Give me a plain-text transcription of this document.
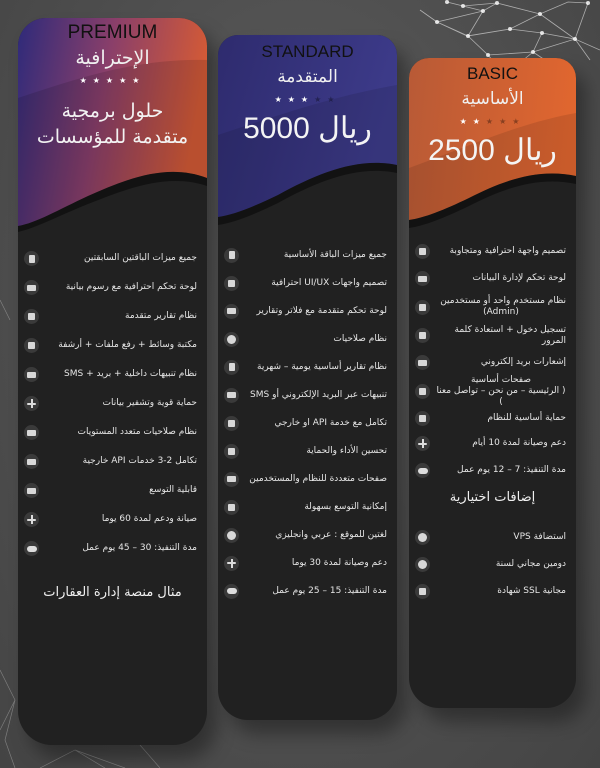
PREMIUM
الإحترافية
★★★★★
حلول برمجية
متقدمة للمؤسسات
جميع ميزات الباقتين السابقتين
لوحة تحكم احترافية مع رسوم بيانية
نظام تقارير متقدمة
مكتبة وسائط + رفع ملفات + أرشفة
نظام تنبيهات داخلية + بريد + SMS
حماية قوية وتشفير بيانات
نظام صلاحيات متعدد المستويات
تكامل 2-3 خدمات API خارجية
قابلية التوسع
صيانة ودعم لمدة 60 يوما
مدة التنفيذ: 30 – 45 يوم عمل
مثال منصة إدارة العقارات
STANDARD
المتقدمة
★★★★★
ريال 5000
جميع ميزات الباقة الأساسية
تصميم واجهات UI/UX احترافية
لوحة تحكم متقدمة مع فلاتر وتقارير
نظام صلاحيات
نظام تقارير أساسية يومية – شهرية
تنبيهات عبر البريد الإلكتروني أو SMS
تكامل مع خدمة API او خارجي
تحسين الأداء والحماية
صفحات متعددة للنظام والمستخدمين
إمكانية التوسع بسهولة
لغتين للموقع : عربي وانجليزي
دعم وصيانة لمدة 30 يوما
مدة التنفيذ: 15 – 25 يوم عمل
BASIC
الأساسية
★★★★★
ريال 2500
تصميم واجهة احترافية ومتجاوبة
لوحة تحكم لإدارة البيانات
نظام مستخدم واحد أو مستخدمين
(Admin)
تسجيل دخول + استعادة كلمة المرور
إشعارات بريد إلكتروني
صفحات أساسية
( الرئيسية – من نحن – تواصل معنا )
حماية أساسية للنظام
دعم وصيانة لمدة 10 أيام
مدة التنفيذ: 7 – 12 يوم عمل
إضافات اختيارية
استضافة VPS
دومين مجاني لسنة
مجانية SSL شهادة
